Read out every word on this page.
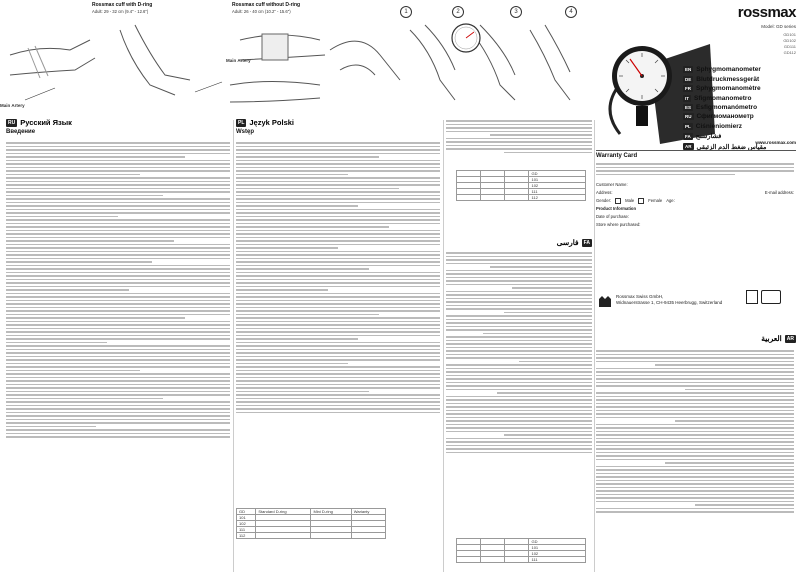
Main Artery
Main Artery
Rossmax cuff with D-ring
Adult: 29 - 32 cm (9.4" - 12.6")
Rossmax cuff without D-ring
Adult: 26 - 40 cm (10.2" - 15.6")	1	2	3	4	rossmax
Model: GD series
GD101
GD102
GD111
GD112
EN Sphygmomanometer
DE Blutdruckmessgerät
FR Sphygmomanomètre
IT Sfigmomanometro
ES Esfigmomanómetro
RU Сфигмоманометр
PL Ciśnieniomierz
FA فشارسنج
AR مقياس ضغط الدم الزئبقي
www.rossmax.com
RU Русский Язык
Введение
PL Język Polski
Wstęp
GD	Standard D-ring	Mini D-ring	Warianty
101			
102			
111			
112			
			GD
			101
			102
			111
			112
فارسی	FA
			GD
			101
			102
			111
Warranty Card
Customer Name:
Address:	E-mail address:
Gender:	Male	Female Age:
Product Information
Date of purchase:
Store where purchased:
Rossmax Swiss GmbH,
Widnauerstrasse 1, CH-9435 Heerbrugg, Switzerland
العربية	AR
